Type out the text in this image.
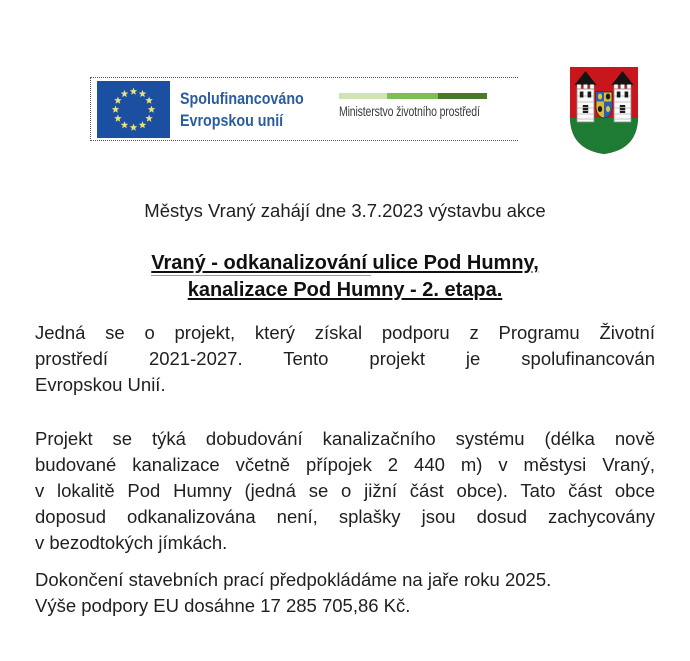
Spolufinancováno
Evropskou unií	Ministerstvo životního prostředí
Městys Vraný zahájí dne 3.7.2023 výstavbu akce
Vraný - odkanalizování ulice Pod Humny,
kanalizace Pod Humny - 2. etapa.
Jedná se o projekt, který získal podporu z Programu Životní
prostředí 2021-2027. Tento projekt je spolufinancován
Evropskou Unií.
Projekt se týká dobudování kanalizačního systému (délka nově
budované kanalizace včetně přípojek 2 440 m) v městysi Vraný,
v lokalitě Pod Humny (jedná se o jižní část obce). Tato část obce
doposud odkanalizována není, splašky jsou dosud zachycovány
v bezodtokých jímkách.
Dokončení stavebních prací předpokládáme na jaře roku 2025.
Výše podpory EU dosáhne 17 285 705,86 Kč.
